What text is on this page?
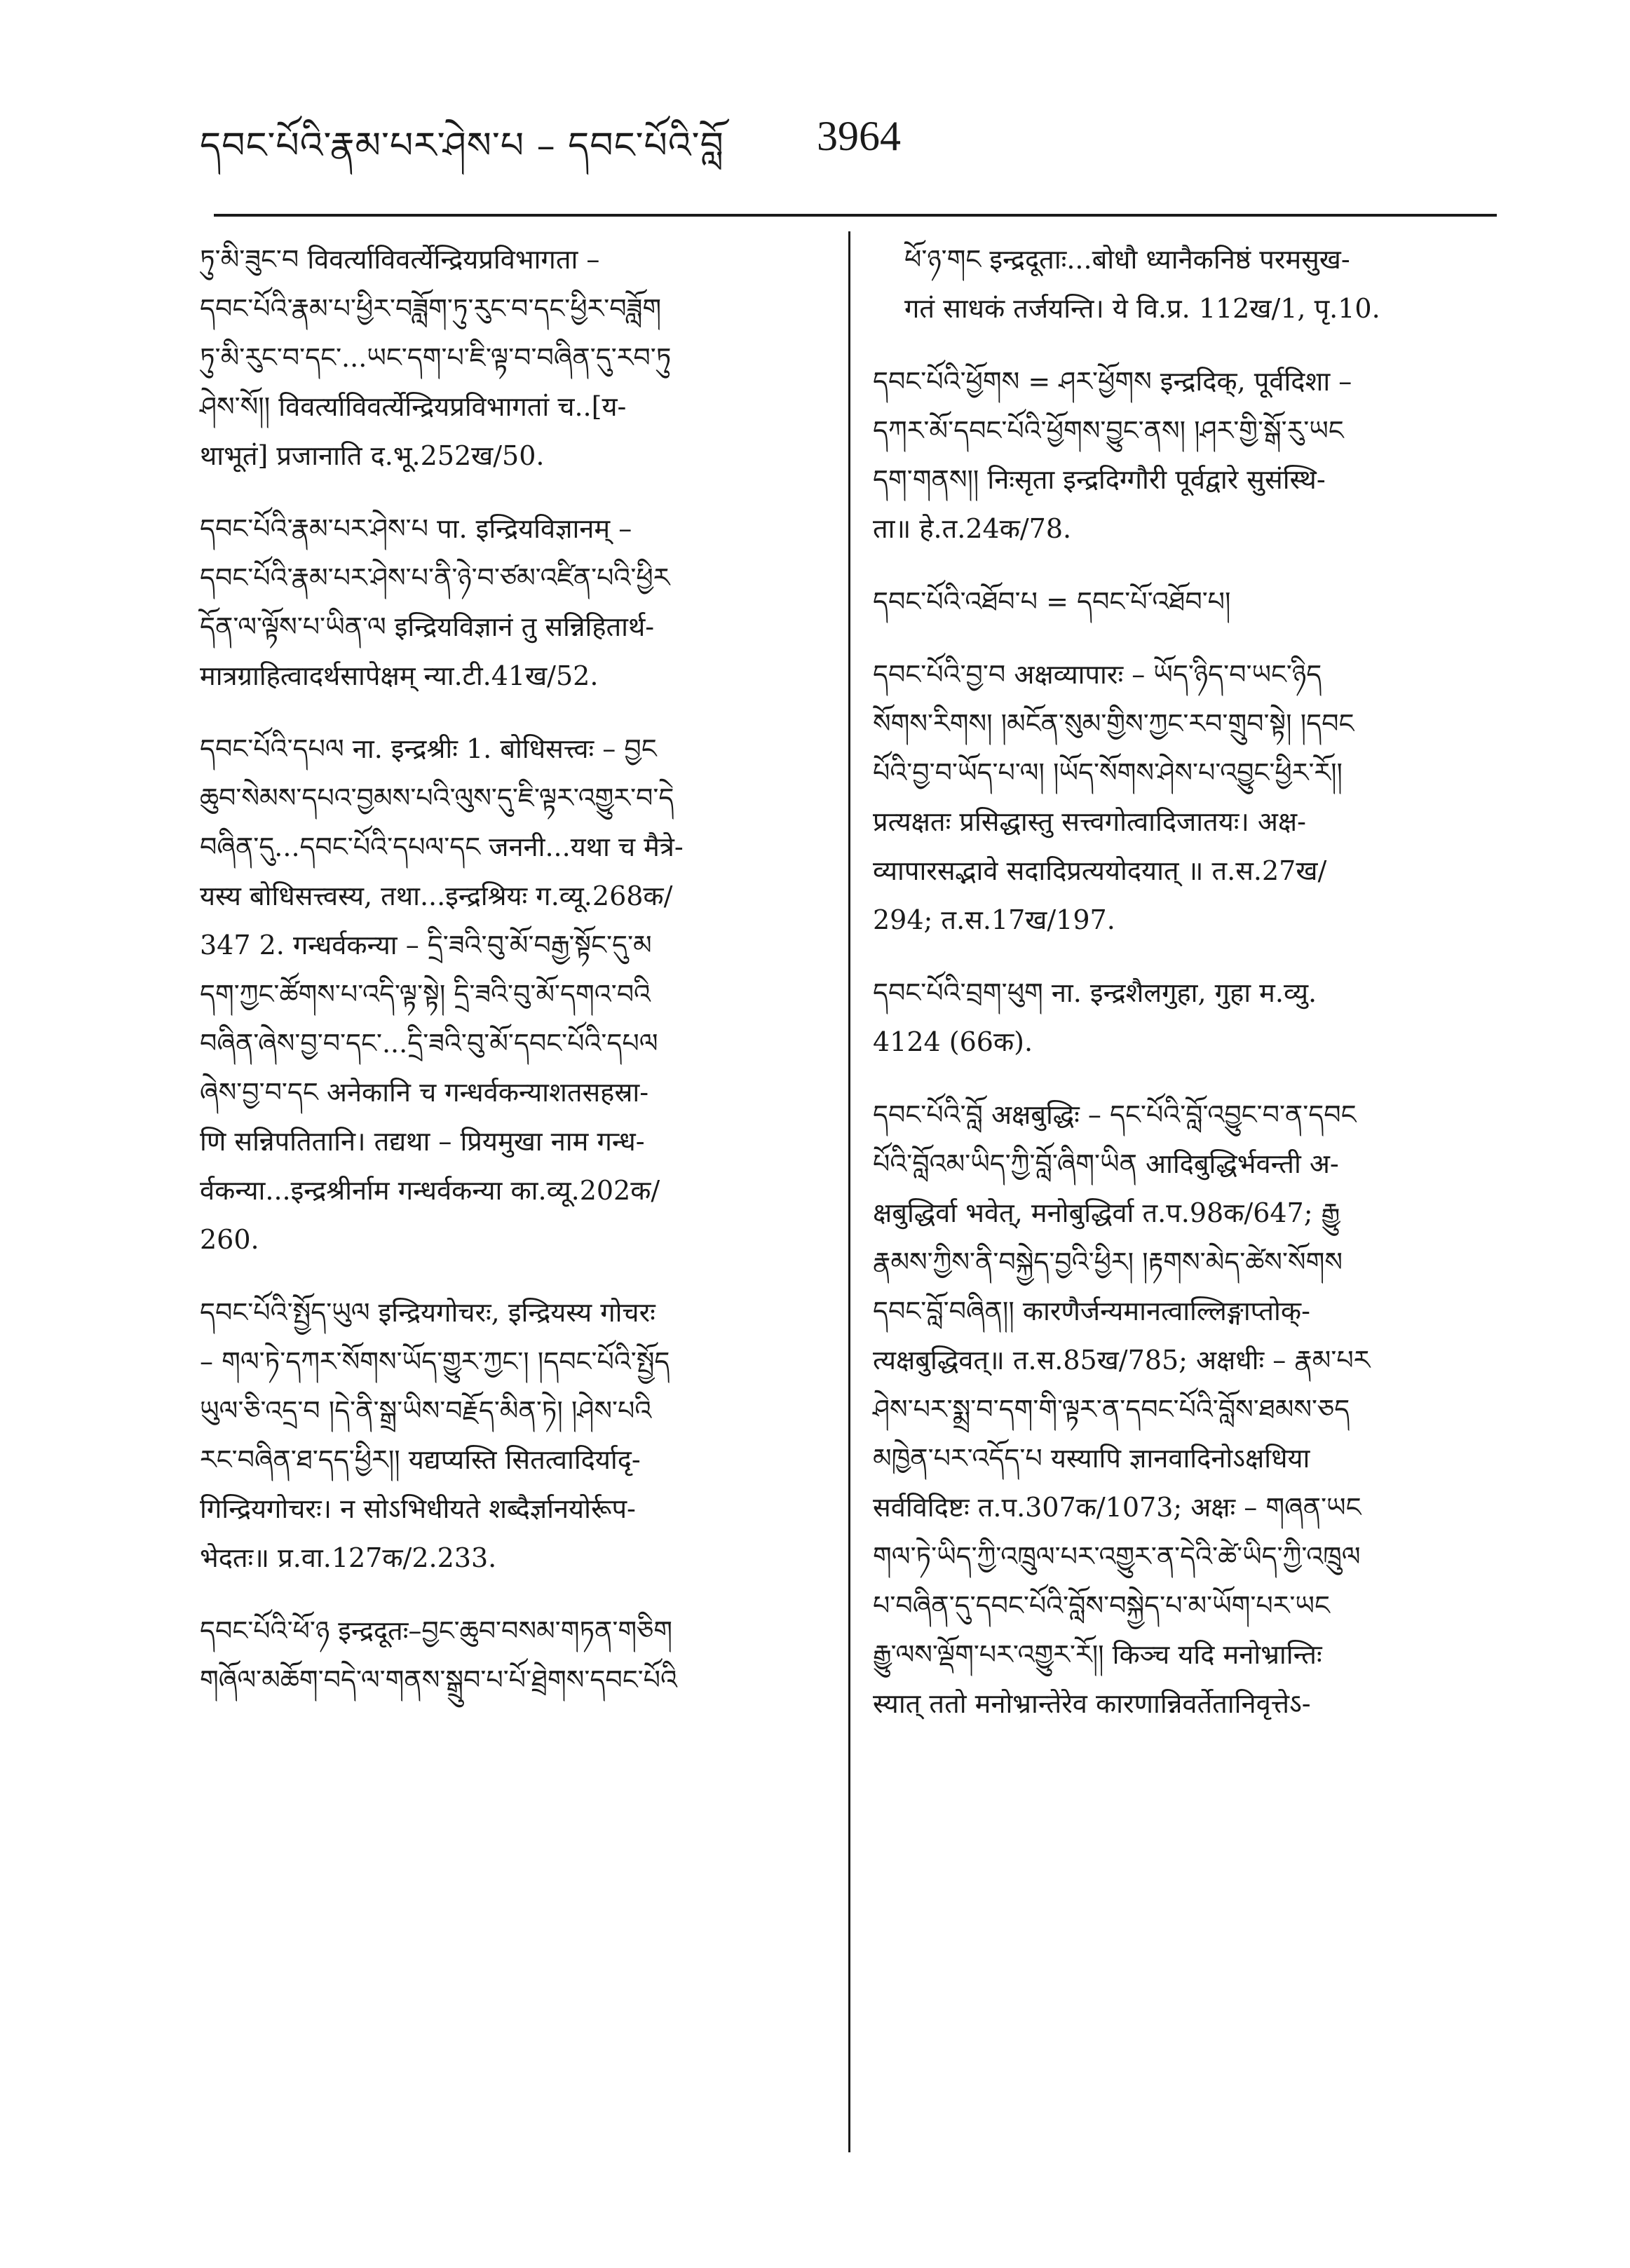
དབང་པོའི་རྣམ་པར་ཤེས་པ – དབང་པོའི་བློ 3964
ཏུ་མི་ཟུང་བ विवर्त्याविवर्त्येन्द्रियप्रविभागता –
དབང་པོའི་རྣམ་པ་ཕྱིར་བཟློག་ཏུ་རུང་བ་དང་ཕྱིར་བཟློག
ཏུ་མི་རུང་བ་དང་...ཡང་དག་པ་ཇི་ལྟ་བ་བཞིན་དུ་རབ་ཏུ
ཤེས་སོ།། विवर्त्याविवर्त्येन्द्रियप्रविभागतां च..[य-
थाभूतं] प्रजानाति द.भू.252ख/50.
དབང་པོའི་རྣམ་པར་ཤེས་པ पा. इन्द्रियविज्ञानम् –
དབང་པོའི་རྣམ་པར་ཤེས་པ་ནི་ཉེ་བ་ཙམ་འཛིན་པའི་ཕྱིར
དོན་ལ་ལྟོས་པ་ཡིན་ལ इन्द्रियविज्ञानं तु सन्निहितार्थ-
मात्रग्राहित्वादर्थसापेक्षम् न्या.टी.41ख/52.
དབང་པོའི་དཔལ ना. इन्द्रश्रीः 1. बोधिसत्त्वः – བྱང
ཆུབ་སེམས་དཔའ་བྱམས་པའི་ལུས་དུ་ཇི་ལྟར་འགྱུར་བ་དེ
བཞིན་དུ...དབང་པོའི་དཔལ་དང जननी...यथा च मैत्रे-
यस्य बोधिसत्त्वस्य, तथा...इन्द्रश्रियः ग.व्यू.268क/
347 2. गन्धर्वकन्या – དྲི་ཟའི་བུ་མོ་བརྒྱ་སྟོང་དུ་མ
དག་ཀྱང་ཚོགས་པ་འདི་ལྟ་སྟེ། དྲི་ཟའི་བུ་མོ་དགའ་བའི
བཞིན་ཞེས་བྱ་བ་དང་...དྲི་ཟའི་བུ་མོ་དབང་པོའི་དཔལ
ཞེས་བྱ་བ་དང अनेकानि च गन्धर्वकन्याशतसहस्रा-
णि सन्निपतितानि। तद्यथा – प्रियमुखा नाम गन्ध-
र्वकन्या...इन्द्रश्रीर्नाम गन्धर्वकन्या का.व्यू.202क/
260.
དབང་པོའི་སྤྱོད་ཡུལ इन्द्रियगोचरः, इन्द्रियस्य गोचरः
– གལ་ཏེ་དཀར་སོགས་ཡོད་གྱུར་ཀྱང་། །དབང་པོའི་སྤྱོད
ཡུལ་ཅི་འདྲ་བ །དེ་ནི་སྒྲ་ཡིས་བརྗོད་མིན་ཏེ། །ཤེས་པའི
རང་བཞིན་ཐ་དད་ཕྱིར།། यद्यप्यस्ति सितत्वादिर्यादृ-
गिन्द्रियगोचरः। न सोऽभिधीयते शब्दैर्ज्ञानयोर्रूप-
भेदतः॥ प्र.वा.127क/2.233.
དབང་པོའི་ཕོ་ཉ इन्द्रदूतः–བྱང་ཆུབ་བསམ་གཏན་གཅིག
གཞོལ་མཆོག་བདེ་ལ་གནས་སྒྲུབ་པ་པོ་ཐྲེགས་དབང་པོའི
ཕོ་ཉ་གང इन्द्रदूताः...बोधौ ध्यानैकनिष्ठं परमसुख-
गतं साधकं तर्जयन्ति। ये वि.प्र. 112ख/1, पृ.10.
དབང་པོའི་ཕྱོགས = ཤར་ཕྱོགས इन्द्रदिक्, पूर्वदिशा –
དཀར་མོ་དབང་པོའི་ཕྱོགས་བྱུང་ནས། །ཤར་གྱི་སྒོ་རུ་ཡང
དག་གནས།། निःसृता इन्द्रदिग्गौरी पूर्वद्वारे सुसंस्थि-
ता॥ हे.त.24क/78.
དབང་པོའི་འཐོབ་པ = དབང་པོ་འཐོབ་པ།
དབང་པོའི་བྱ་བ अक्षव्यापारः – ཡོད་ཉིད་བ་ཡང་ཉིད
སོགས་རིགས། །མངོན་སུམ་གྱིས་ཀྱང་རབ་གྲུབ་སྟེ། །དབང
པོའི་བྱ་བ་ཡོད་པ་ལ། །ཡོད་སོགས་ཤེས་པ་འབྱུང་ཕྱིར་རོ།།
प्रत्यक्षतः प्रसिद्धास्तु सत्त्वगोत्वादिजातयः। अक्ष-
व्यापारसद्भावे सदादिप्रत्ययोदयात् ॥ त.स.27ख/
294; त.स.17ख/197.
དབང་པོའི་བྲག་ཕུག ना. इन्द्रशैलगुहा, गुहा म.व्यु.
4124 (66क).
དབང་པོའི་བློ अक्षबुद्धिः – དང་པོའི་བློ་འབྱུང་བ་ན་དབང
པོའི་བློའམ་ཡིད་ཀྱི་བློ་ཞིག་ཡིན आदिबुद्धिर्भवन्ती अ-
क्षबुद्धिर्वा भवेत्, मनोबुद्धिर्वा त.प.98क/647; རྒྱུ
རྣམས་ཀྱིས་ནི་བསྐྱེད་བྱའི་ཕྱིར། །རྟགས་མེད་ཚེས་སོགས
དབང་བློ་བཞིན།། कारणैर्जन्यमानत्वाल्लिङ्गाप्तोक्-
त्यक्षबुद्धिवत्॥ त.स.85ख/785; अक्षधीः – རྣམ་པར
ཤེས་པར་སྨྲ་བ་དག་གི་ལྟར་ན་དབང་པོའི་བློས་ཐམས་ཅད
མཁྱེན་པར་འདོད་པ यस्यापि ज्ञानवादिनोऽक्षधिया
सर्वविदिष्टः त.प.307क/1073; अक्षः – གཞན་ཡང
གལ་ཏེ་ཡིད་ཀྱི་འཁྲུལ་པར་འགྱུར་ན་དེའི་ཚེ་ཡིད་ཀྱི་འཁྲུལ
པ་བཞིན་དུ་དབང་པོའི་བློས་བསྐྱེད་པ་མ་ཡོག་པར་ཡང
རྒྱུ་ལས་ལྡོག་པར་འགྱུར་རོ།། किञ्च यदि मनोभ्रान्तिः
स्यात् ततो मनोभ्रान्तेरेव कारणान्निवर्तेतानिवृत्तेऽ-
